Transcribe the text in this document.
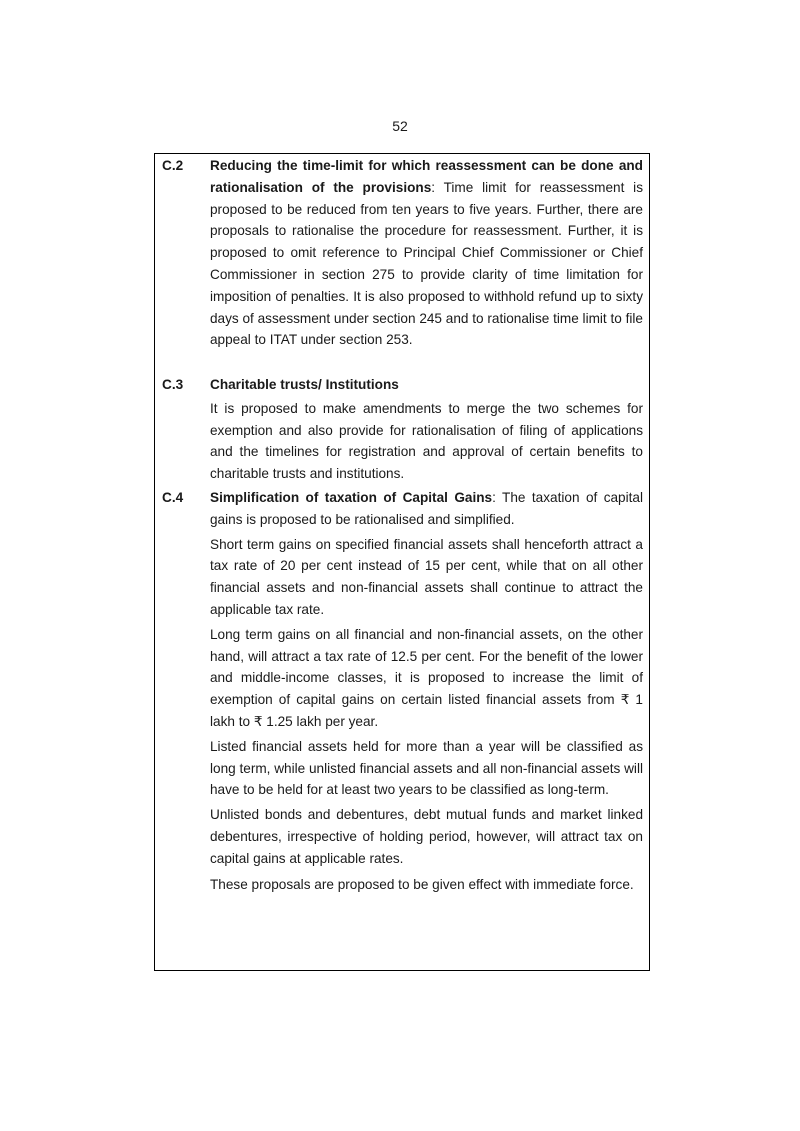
52
C.2 Reducing the time-limit for which reassessment can be done and rationalisation of the provisions: Time limit for reassessment is proposed to be reduced from ten years to five years. Further, there are proposals to rationalise the procedure for reassessment. Further, it is proposed to omit reference to Principal Chief Commissioner or Chief Commissioner in section 275 to provide clarity of time limitation for imposition of penalties. It is also proposed to withhold refund up to sixty days of assessment under section 245 and to rationalise time limit to file appeal to ITAT under section 253.

C.3 Charitable trusts/ Institutions

It is proposed to make amendments to merge the two schemes for exemption and also provide for rationalisation of filing of applications and the timelines for registration and approval of certain benefits to charitable trusts and institutions.

C.4 Simplification of taxation of Capital Gains: The taxation of capital gains is proposed to be rationalised and simplified.

Short term gains on specified financial assets shall henceforth attract a tax rate of 20 per cent instead of 15 per cent, while that on all other financial assets and non-financial assets shall continue to attract the applicable tax rate.

Long term gains on all financial and non-financial assets, on the other hand, will attract a tax rate of 12.5 per cent. For the benefit of the lower and middle-income classes, it is proposed to increase the limit of exemption of capital gains on certain listed financial assets from ₹ 1 lakh to ₹ 1.25 lakh per year.

Listed financial assets held for more than a year will be classified as long term, while unlisted financial assets and all non-financial assets will have to be held for at least two years to be classified as long-term.

Unlisted bonds and debentures, debt mutual funds and market linked debentures, irrespective of holding period, however, will attract tax on capital gains at applicable rates.

These proposals are proposed to be given effect with immediate force.
